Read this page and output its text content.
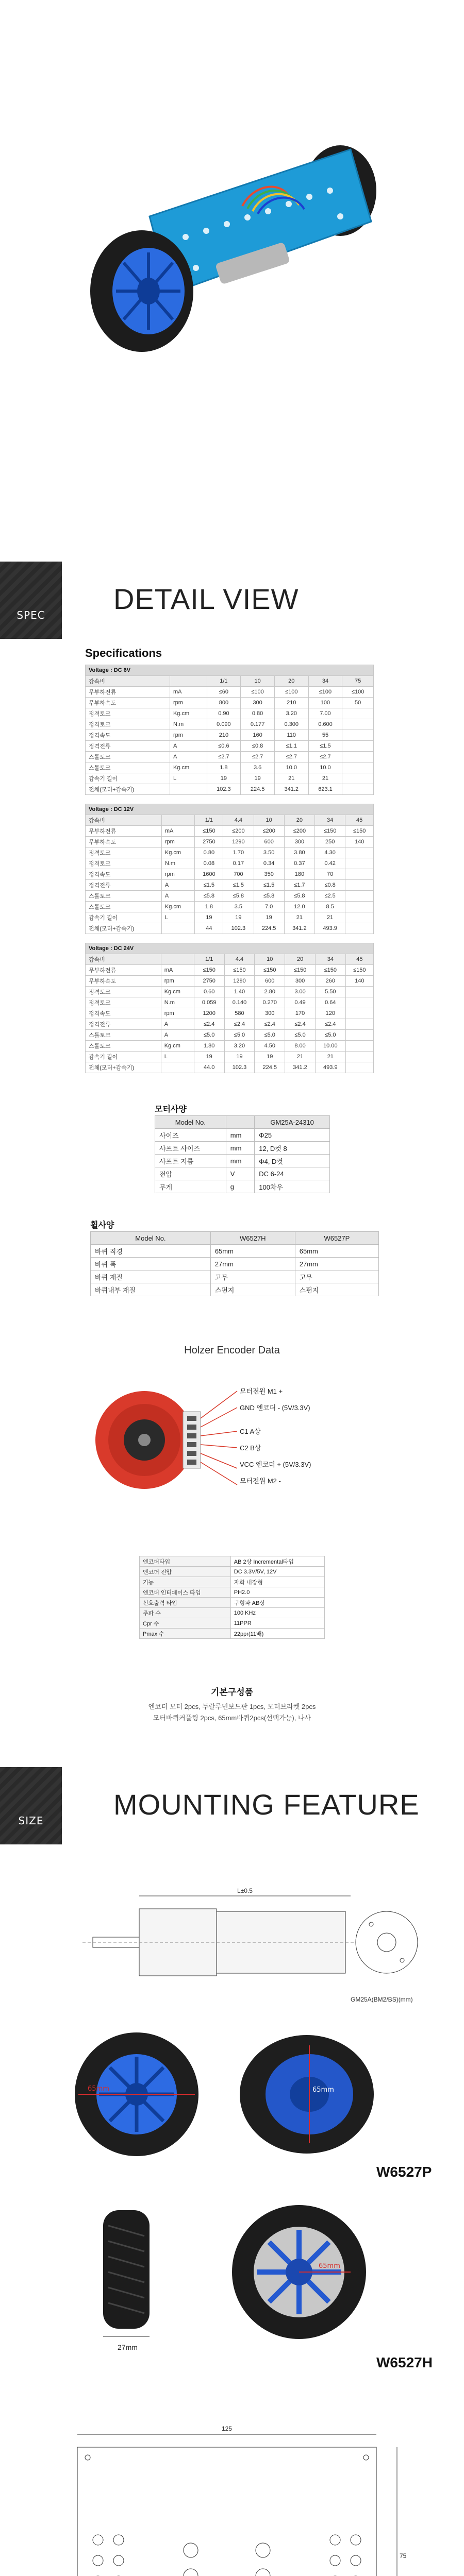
SPEC	DETAIL VIEW
Specifications
Voltage : DC 6V						
감속비		1/1	10	20	34	75
무부하전류	mA	≤60	≤100	≤100	≤100	≤100
무부하속도	rpm	800	300	210	100	50
정격토크	Kg.cm	0.90	0.80	3.20	7.00	
정격토크	N.m	0.090	0.177	0.300	0.600	
정격속도	rpm	210	160	110	55	
정격전류	A	≤0.6	≤0.8	≤1.1	≤1.5	
스톨토크	A	≤2.7	≤2.7	≤2.7	≤2.7	
스톨토크	Kg.cm	1.8	3.6	10.0	10.0	
감속기 길이	L	19	19	21	21	
전체(모터+감속기)		102.3	224.5	341.2	623.1	
Voltage : DC 12V							
감속비		1/1	4.4	10	20	34	45
무부하전류	mA	≤150	≤200	≤200	≤200	≤150	≤150
무부하속도	rpm	2750	1290	600	300	250	140
정격토크	Kg.cm	0.80	1.70	3.50	3.80	4.30	
정격토크	N.m	0.08	0.17	0.34	0.37	0.42	
정격속도	rpm	1600	700	350	180	70	
정격전류	A	≤1.5	≤1.5	≤1.5	≤1.7	≤0.8	
스톨토크	A	≤5.8	≤5.8	≤5.8	≤5.8	≤2.5	
스톨토크	Kg.cm	1.8	3.5	7.0	12.0	8.5	
감속기 길이	L	19	19	19	21	21	
전체(모터+감속기)		44	102.3	224.5	341.2	493.9	
Voltage : DC 24V							
감속비		1/1	4.4	10	20	34	45
무부하전류	mA	≤150	≤150	≤150	≤150	≤150	≤150
무부하속도	rpm	2750	1290	600	300	260	140
정격토크	Kg.cm	0.60	1.40	2.80	3.00	5.50	
정격토크	N.m	0.059	0.140	0.270	0.49	0.64	
정격속도	rpm	1200	580	300	170	120	
정격전류	A	≤2.4	≤2.4	≤2.4	≤2.4	≤2.4	
스톨토크	A	≤5.0	≤5.0	≤5.0	≤5.0	≤5.0	
스톨토크	Kg.cm	1.80	3.20	4.50	8.00	10.00	
감속기 길이	L	19	19	19	21	21	
전체(모터+감속기)		44.0	102.3	224.5	341.2	493.9	
모터사양
Model No.		GM25A-24310
사이즈	mm	Φ25
샤프트 사이즈	mm	12, D컷 8
샤프트 지름	mm	Φ4, D컷
전압	V	DC 6-24
무게	g	100차우
휠사양
Model No.	W6527H	W6527P
바퀴 직경	65mm	65mm
바퀴 폭	27mm	27mm
바퀴 재질	고무	고무
바퀴내부 재질	스펀지	스펀지
Holzer Encoder Data
모터전원 M1 +
GND 엔코더 - (5V/3.3V)
C1 A상
C2 B상
VCC 엔코더 + (5V/3.3V)
모터전원 M2 -
엔코더타입	AB 2상 Incremental타입
엔코더 전압	DC 3.3V/5V, 12V
기능	자화 내장형
엔코더 인터페이스 타입	PH2.0
신호출력 타입	구형파 AB상
주파 수	100 KHz
Cpr 수	11PPR
Pmax 수	22ppr(11배)
기본구성품
엔코더 모터 2pcs, 두랄루민보드판 1pcs, 모터브라켓 2pcs
모터바퀴커플링 2pcs, 65mm바퀴2pcs(선택가능), 나사
SIZE	MOUNTING FEATURE
L±0.5
GM25A(BM2/BS)(mm)
65mm	65mm
W6527P
27mm
65mm
W6527H
125
75
